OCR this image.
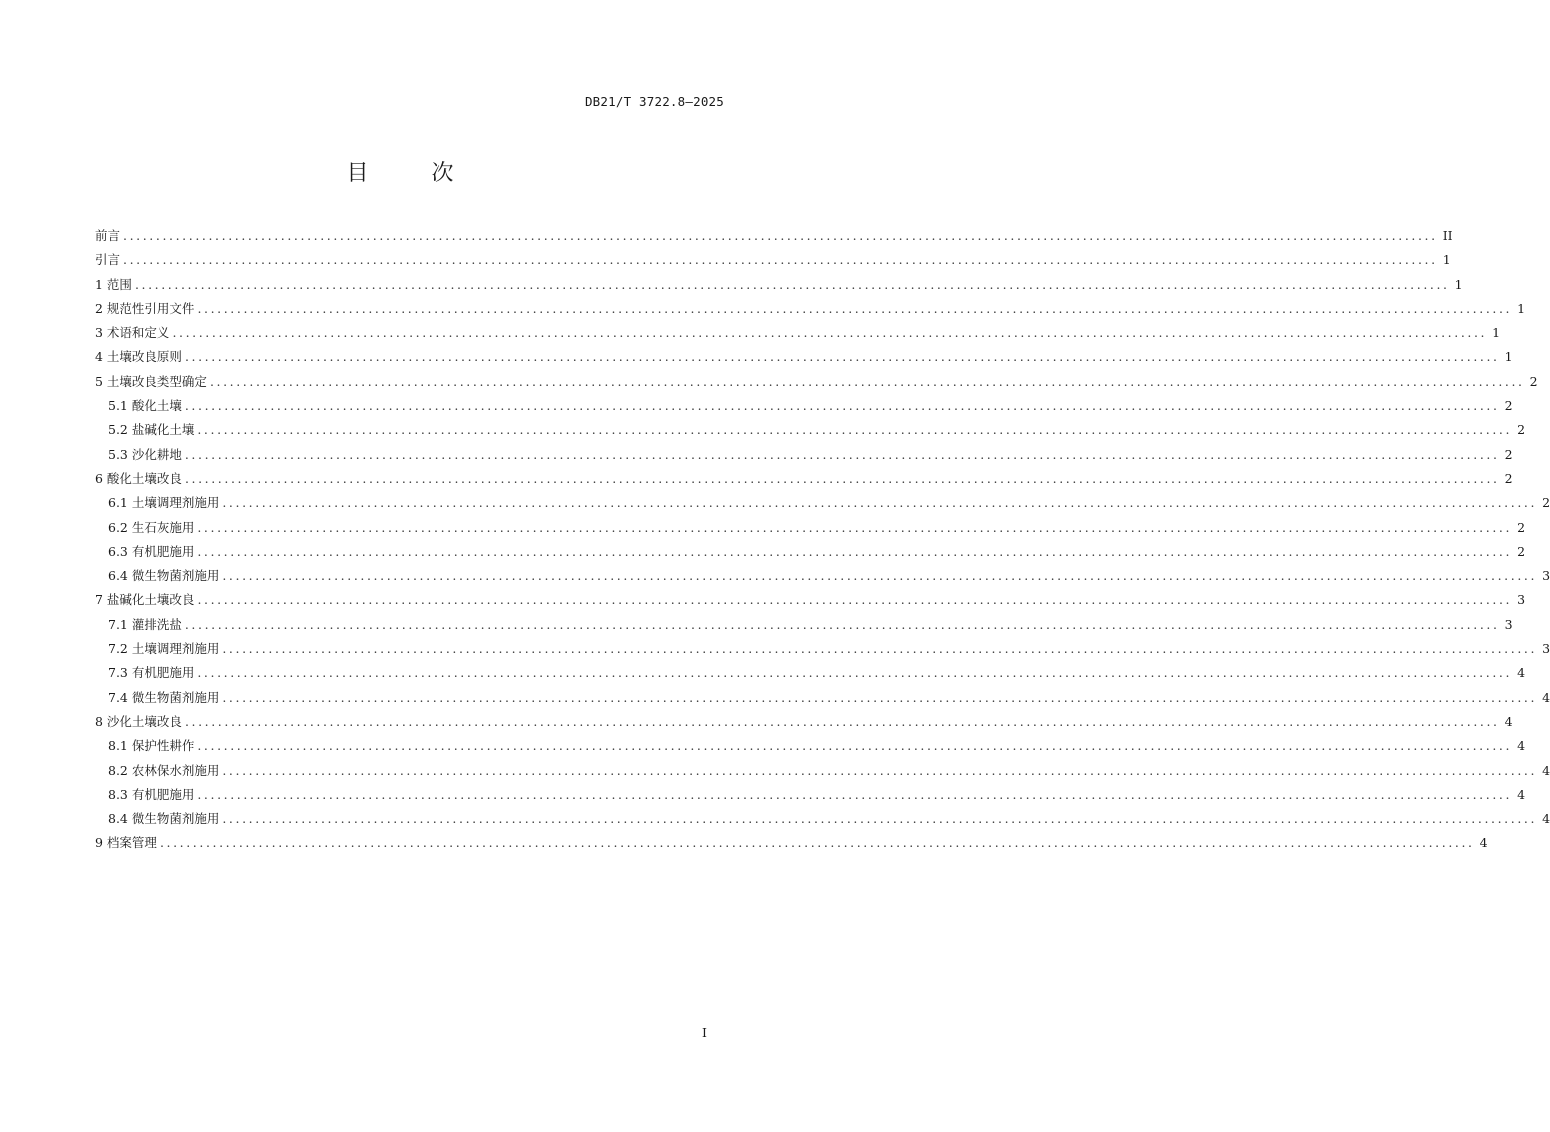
DB21/T 3722.8—2025
目 次
前言 ........................................................................................................................................................................................................ II
引言 ........................................................................................................................................................................................................ 1
1 范围 ........................................................................................................................................................................................................ 1
2 规范性引用文件 ........................................................................................................................................................................................................ 1
3 术语和定义 ........................................................................................................................................................................................................ 1
4 土壤改良原则 ........................................................................................................................................................................................................ 1
5 土壤改良类型确定 ........................................................................................................................................................................................................ 2
5.1 酸化土壤 ........................................................................................................................................................................................................ 2
5.2 盐碱化土壤 ........................................................................................................................................................................................................ 2
5.3 沙化耕地 ........................................................................................................................................................................................................ 2
6 酸化土壤改良 ........................................................................................................................................................................................................ 2
6.1 土壤调理剂施用 ........................................................................................................................................................................................................ 2
6.2 生石灰施用 ........................................................................................................................................................................................................ 2
6.3 有机肥施用 ........................................................................................................................................................................................................ 2
6.4 微生物菌剂施用 ........................................................................................................................................................................................................ 3
7 盐碱化土壤改良 ........................................................................................................................................................................................................ 3
7.1 灌排洗盐 ........................................................................................................................................................................................................ 3
7.2 土壤调理剂施用 ........................................................................................................................................................................................................ 3
7.3 有机肥施用 ........................................................................................................................................................................................................ 4
7.4 微生物菌剂施用 ........................................................................................................................................................................................................ 4
8 沙化土壤改良 ........................................................................................................................................................................................................ 4
8.1 保护性耕作 ........................................................................................................................................................................................................ 4
8.2 农林保水剂施用 ........................................................................................................................................................................................................ 4
8.3 有机肥施用 ........................................................................................................................................................................................................ 4
8.4 微生物菌剂施用 ........................................................................................................................................................................................................ 4
9 档案管理 ........................................................................................................................................................................................................ 4
I
